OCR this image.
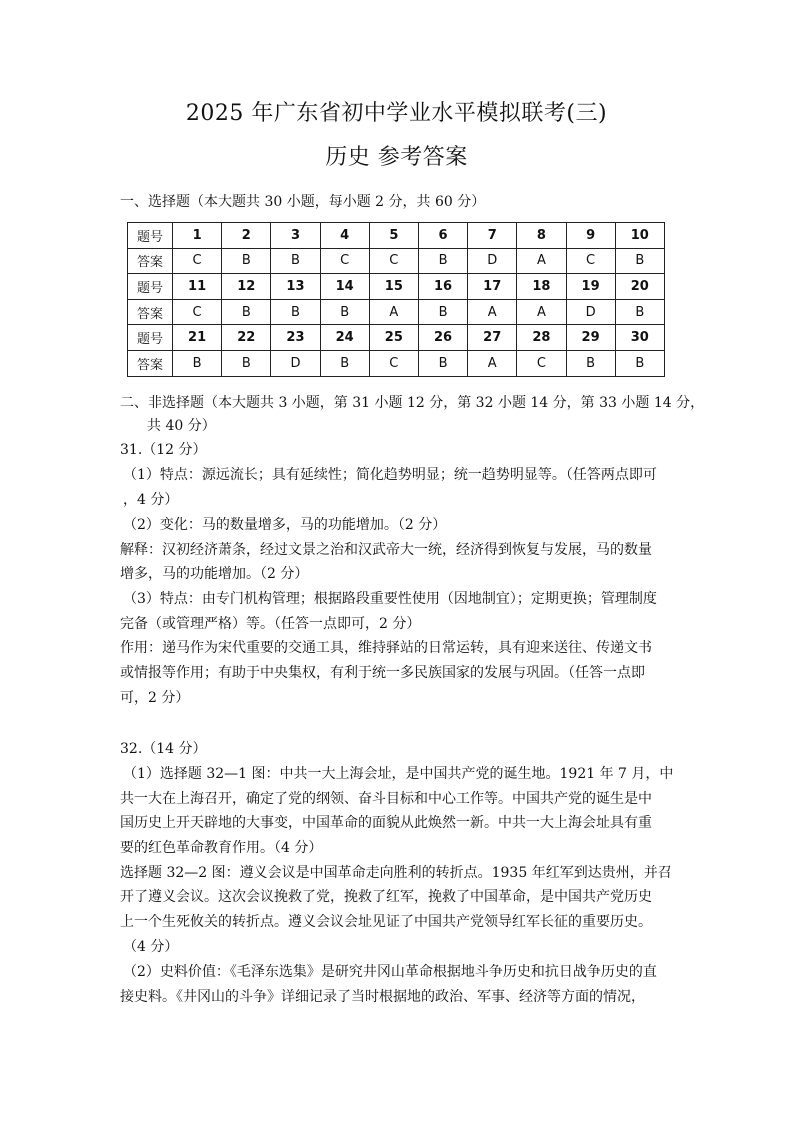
2025 年广东省初中学业水平模拟联考(三)
历史 参考答案
一、选择题（本大题共 30 小题，每小题 2 分，共 60 分）
题号	1	2	3	4	5	6	7	8	9	10
答案	C	B	B	C	C	B	D	A	C	B
题号	11	12	13	14	15	16	17	18	19	20
答案	C	B	B	B	A	B	A	A	D	B
题号	21	22	23	24	25	26	27	28	29	30
答案	B	B	D	B	C	B	A	C	B	B
二、非选择题（本大题共 3 小题，第 31 小题 12 分，第 32 小题 14 分，第 33 小题 14 分，
共 40 分）
31.（12 分）
（1）特点：源远流长；具有延续性；简化趋势明显；统一趋势明显等。（任答两点即可
，4 分）
（2）变化：马的数量增多，马的功能增加。（2 分）
解释：汉初经济萧条，经过文景之治和汉武帝大一统，经济得到恢复与发展，马的数量
增多，马的功能增加。（2 分）
（3）特点：由专门机构管理；根据路段重要性使用（因地制宜）；定期更换；管理制度
完备（或管理严格）等。（任答一点即可，2 分）
作用：递马作为宋代重要的交通工具，维持驿站的日常运转，具有迎来送往、传递文书
或情报等作用；有助于中央集权，有利于统一多民族国家的发展与巩固。（任答一点即
可，2 分）
32.（14 分）
（1）选择题 32—1 图：中共一大上海会址，是中国共产党的诞生地。1921 年 7 月，中
共一大在上海召开，确定了党的纲领、奋斗目标和中心工作等。中国共产党的诞生是中
国历史上开天辟地的大事变，中国革命的面貌从此焕然一新。中共一大上海会址具有重
要的红色革命教育作用。（4 分）
选择题 32—2 图：遵义会议是中国革命走向胜利的转折点。1935 年红军到达贵州，并召
开了遵义会议。这次会议挽救了党，挽救了红军，挽救了中国革命，是中国共产党历史
上一个生死攸关的转折点。遵义会议会址见证了中国共产党领导红军长征的重要历史。
（4 分）
（2）史料价值：《毛泽东选集》是研究井冈山革命根据地斗争历史和抗日战争历史的直
接史料。《井冈山的斗争》详细记录了当时根据地的政治、军事、经济等方面的情况，
